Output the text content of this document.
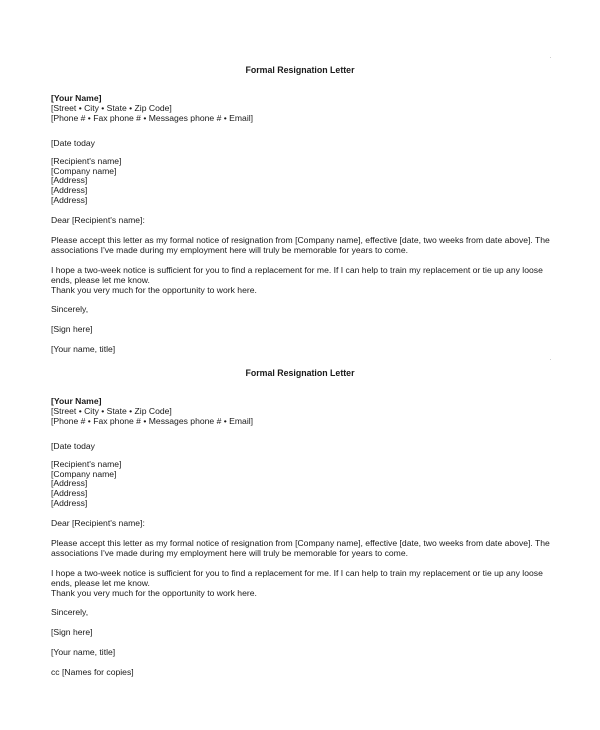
Formal Resignation Letter
[Your Name]
[Street • City • State • Zip Code]
[Phone # • Fax phone # • Messages phone # • Email]
[Date today
[Recipient's name]
[Company name]
[Address]
[Address]
[Address]
Dear [Recipient's name]:
Please accept this letter as my formal notice of resignation from [Company name], effective [date, two weeks from date above]. The associations I've made during my employment here will truly be memorable for years to come.
I hope a two-week notice is sufficient for you to find a replacement for me. If I can help to train my replacement or tie up any loose ends, please let me know.
Thank you very much for the opportunity to work here.
Sincerely,
[Sign here]
[Your name, title]
Formal Resignation Letter
[Your Name]
[Street • City • State • Zip Code]
[Phone # • Fax phone # • Messages phone # • Email]
[Date today
[Recipient's name]
[Company name]
[Address]
[Address]
[Address]
Dear [Recipient's name]:
Please accept this letter as my formal notice of resignation from [Company name], effective [date, two weeks from date above]. The associations I've made during my employment here will truly be memorable for years to come.
I hope a two-week notice is sufficient for you to find a replacement for me. If I can help to train my replacement or tie up any loose ends, please let me know.
Thank you very much for the opportunity to work here.
Sincerely,
[Sign here]
[Your name, title]
cc [Names for copies]
